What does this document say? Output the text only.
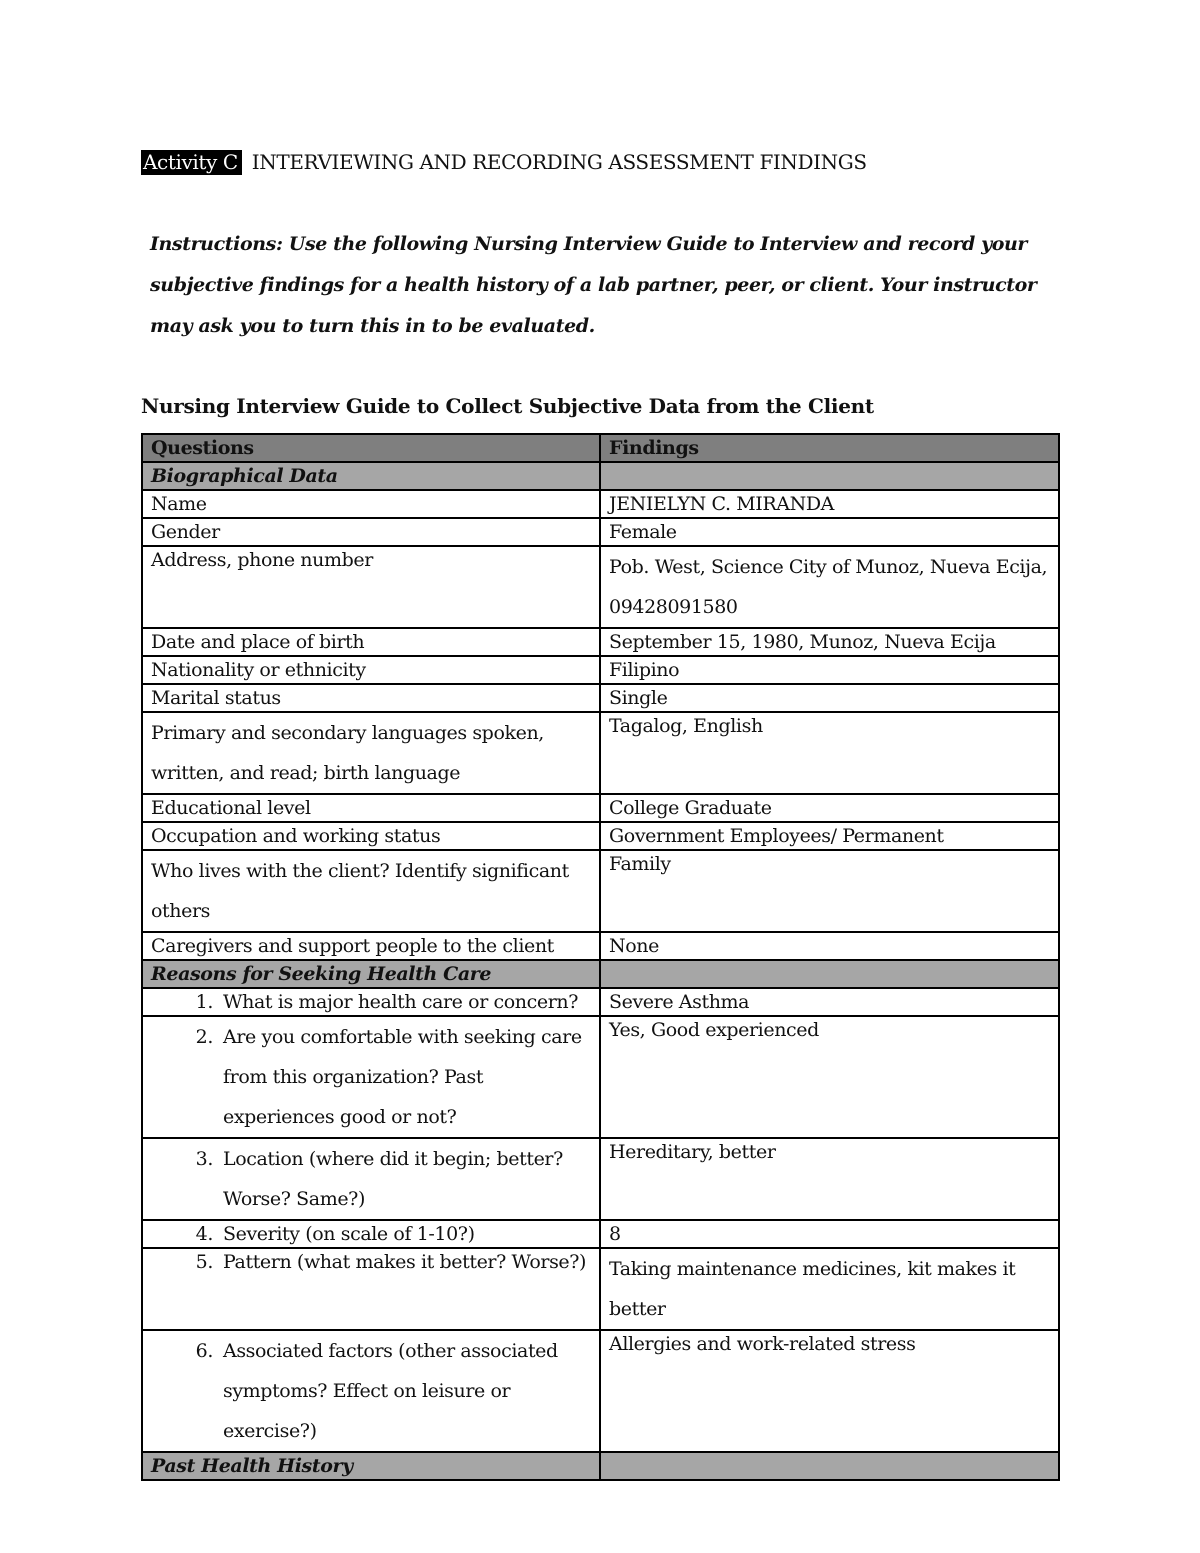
Activity C INTERVIEWING AND RECORDING ASSESSMENT FINDINGS

Instructions: Use the following Nursing Interview Guide to Interview and record your subjective findings for a health history of a lab partner, peer, or client. Your instructor may ask you to turn this in to be evaluated.

Nursing Interview Guide to Collect Subjective Data from the Client
Questions	Findings
Biographical Data	
Name	JENIELYN C. MIRANDA
Gender	Female
Address, phone number	Pob. West, Science City of Munoz, Nueva Ecija, 09428091580
Date and place of birth	September 15, 1980, Munoz, Nueva Ecija
Nationality or ethnicity	Filipino
Marital status	Single
Primary and secondary languages spoken, written, and read; birth language	Tagalog, English
Educational level	College Graduate
Occupation and working status	Government Employees/ Permanent
Who lives with the client? Identify significant others	Family
Caregivers and support people to the client	None
Reasons for Seeking Health Care	

1. What is major health care or concern?	Severe Asthma

2. Are you comfortable with seeking care from this organization? Past experiences good or not?	Yes, Good experienced

3. Location (where did it begin; better? Worse? Same?)	Hereditary, better

4. Severity (on scale of 1-10?)	8

5. Pattern (what makes it better? Worse?)	Taking maintenance medicines, kit makes it better

6. Associated factors (other associated symptoms? Effect on leisure or exercise?)	Allergies and work-related stress
Past Health History	
